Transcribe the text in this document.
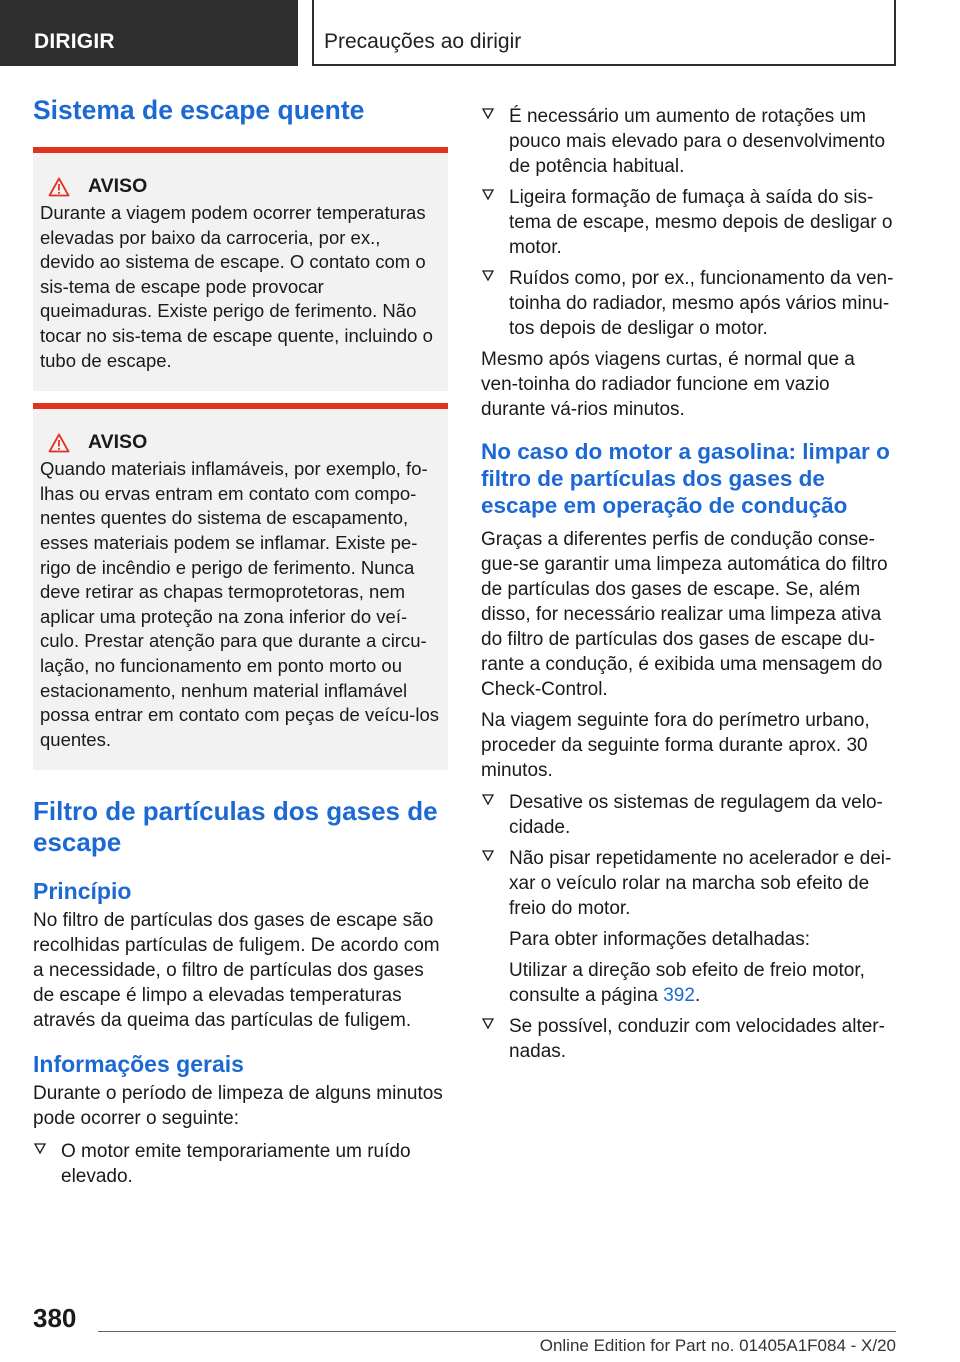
DIRIGIR	Precauções ao dirigir
Sistema de escape quente
AVISO

Durante a viagem podem ocorrer temperaturas elevadas por baixo da carroceria, por ex., devido ao sistema de escape. O contato com o sis-tema de escape pode provocar queimaduras. Existe perigo de ferimento. Não tocar no sis-tema de escape quente, incluindo o tubo de escape.

AVISO

Quando materiais inflamáveis, por exemplo, fo-lhas ou ervas entram em contato com compo-nentes quentes do sistema de escapamento, esses materiais podem se inflamar. Existe pe-rigo de incêndio e perigo de ferimento. Nunca deve retirar as chapas termoprotetoras, nem aplicar uma proteção na zona inferior do veí-culo. Prestar atenção para que durante a circu-lação, no funcionamento em ponto morto ou estacionamento, nenhum material inflamável possa entrar em contato com peças de veícu-los quentes.

Filtro de partículas dos gases de escape
Princípio

No filtro de partículas dos gases de escape são recolhidas partículas de fuligem. De acordo com a necessidade, o filtro de partículas dos gases de escape é limpo a elevadas temperaturas através da queima das partículas de fuligem.

Informações gerais

Durante o período de limpeza de alguns minutos pode ocorrer o seguinte:

O motor emite temporariamente um ruído elevado.
É necessário um aumento de rotações um pouco mais elevado para o desenvolvimento de potência habitual.
Ligeira formação de fumaça à saída do sis-tema de escape, mesmo depois de desligar o motor.
Ruídos como, por ex., funcionamento da ven-toinha do radiador, mesmo após vários minu-tos depois de desligar o motor.

Mesmo após viagens curtas, é normal que a ven-toinha do radiador funcione em vazio durante vá-rios minutos.

No caso do motor a gasolina: limpar o filtro de partículas dos gases de escape em operação de condução

Graças a diferentes perfis de condução conse-gue-se garantir uma limpeza automática do filtro de partículas dos gases de escape. Se, além disso, for necessário realizar uma limpeza ativa do filtro de partículas dos gases de escape du-rante a condução, é exibida uma mensagem do Check-Control.

Na viagem seguinte fora do perímetro urbano, proceder da seguinte forma durante aprox. 30 minutos.

Desative os sistemas de regulagem da velo-cidade.
Não pisar repetidamente no acelerador e dei-xar o veículo rolar na marcha sob efeito de freio do motor.
Para obter informações detalhadas:
Utilizar a direção sob efeito de freio motor, consulte a página 392.
Se possível, conduzir com velocidades alter-nadas.
380
Online Edition for Part no. 01405A1F084 - X/20
